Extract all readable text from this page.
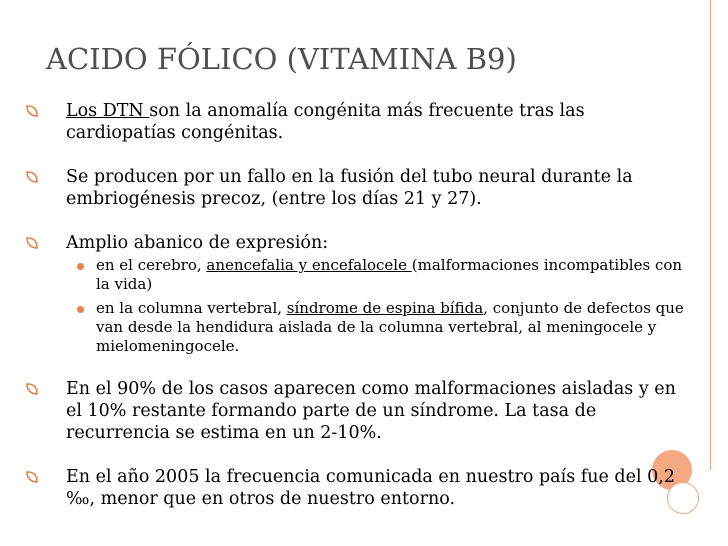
ACIDO FÓLICO (VITAMINA B9)
Los DTN son la anomalía congénita más frecuente tras las cardiopatías congénitas.
Se producen por un fallo en la fusión del tubo neural durante la embriogénesis precoz, (entre los días 21 y 27).
Amplio abanico de expresión:
en el cerebro, anencefalia y encefalocele (malformaciones incompatibles con la vida)
en la columna vertebral, síndrome de espina bífida, conjunto de defectos que van desde la hendidura aislada de la columna vertebral, al meningocele y mielomeningocele.
En el 90% de los casos aparecen como malformaciones aisladas y en el 10% restante formando parte de un síndrome. La tasa de recurrencia se estima en un 2-10%.
En el año 2005 la frecuencia comunicada en nuestro país fue del 0,2 ‰, menor que en otros de nuestro entorno.
